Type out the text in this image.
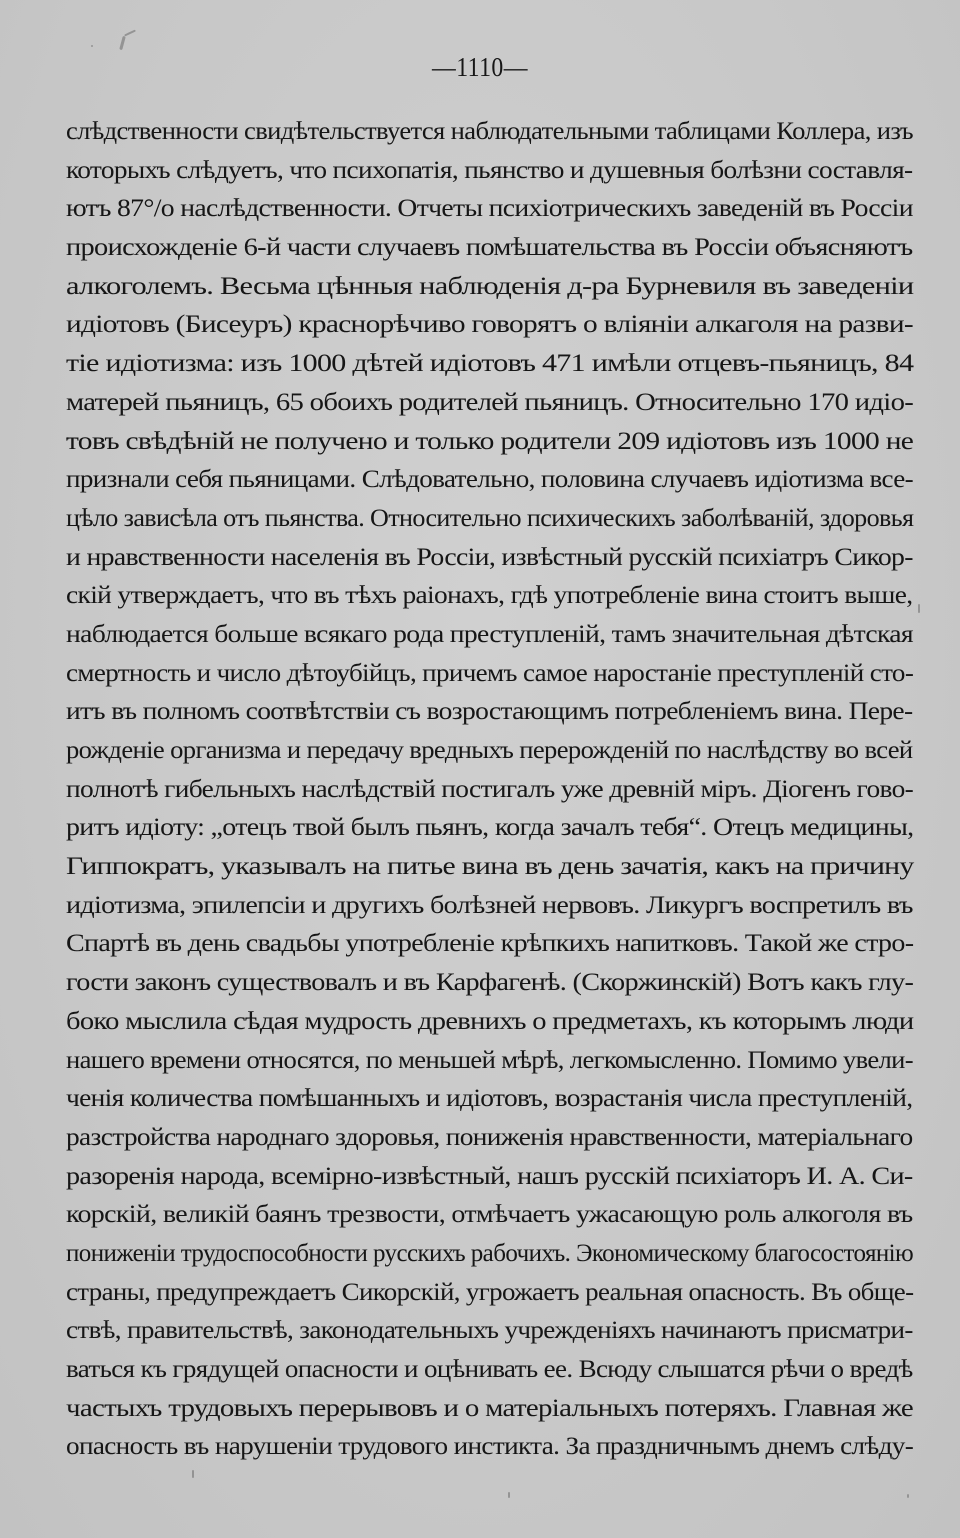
—1110—
слѣдственности свидѣтельствуется наблюдательными таблицами Коллера, изъ
которыхъ слѣдуетъ, что психопатія, пьянство и душевныя болѣзни составля-
ютъ 87°/o наслѣдственности. Отчеты психіотрическихъ заведеній въ Россіи
происхожденіе 6-й части случаевъ помѣшательства въ Россіи объясняютъ
алкоголемъ. Весьма цѣнныя наблюденія д-ра Бурневиля въ заведеніи
идіотовъ (Бисеуръ) краснорѣчиво говорятъ о вліяніи алкаголя на разви-
тіе идіотизма: изъ 1000 дѣтей идіотовъ 471 имѣли отцевъ-пьяницъ, 84
матерей пьяницъ, 65 обоихъ родителей пьяницъ. Относительно 170 идіо-
товъ свѣдѣній не получено и только родители 209 идіотовъ изъ 1000 не
признали себя пьяницами. Слѣдовательно, половина случаевъ идіотизма все-
цѣло зависѣла отъ пьянства. Относительно психическихъ заболѣваній, здоровья
и нравственности населенія въ Россіи, извѣстный русскій психіатръ Сикор-
скій утверждаетъ, что въ тѣхъ раіонахъ, гдѣ употребленіе вина стоитъ выше,
наблюдается больше всякаго рода преступленій, тамъ значительная дѣтская
смертность и число дѣтоубійцъ, причемъ самое наростаніе преступленій сто-
итъ въ полномъ соотвѣтствіи съ возростающимъ потребленіемъ вина. Пере-
рожденіе организма и передачу вредныхъ перерожденій по наслѣдству во всей
полнотѣ гибельныхъ наслѣдствій постигалъ уже древній міръ. Діогенъ гово-
ритъ идіоту: „отецъ твой былъ пьянъ, когда зачалъ тебя“. Отецъ медицины,
Гиппократъ, указывалъ на питье вина въ день зачатія, какъ на причину
идіотизма, эпилепсіи и другихъ болѣзней нервовъ. Ликургъ воспретилъ въ
Спартѣ въ день свадьбы употребленіе крѣпкихъ напитковъ. Такой же стро-
гости законъ существовалъ и въ Карфагенѣ. (Скоржинскій) Вотъ какъ глу-
боко мыслила сѣдая мудрость древнихъ о предметахъ, къ которымъ люди
нашего времени относятся, по меньшей мѣрѣ, легкомысленно. Помимо увели-
ченія количества помѣшанныхъ и идіотовъ, возрастанія числа преступленій,
разстройства народнаго здоровья, пониженія нравственности, матеріальнаго
разоренія народа, всемірно-извѣстный, нашъ русскій психіаторъ И. А. Си-
корскій, великій баянъ трезвости, отмѣчаетъ ужасающую роль алкоголя въ
пониженіи трудоспособности русскихъ рабочихъ. Экономическому благосостоянію
страны, предупреждаетъ Сикорскій, угрожаетъ реальная опасность. Въ обще-
ствѣ, правительствѣ, законодательныхъ учрежденіяхъ начинаютъ присматри-
ваться къ грядущей опасности и оцѣнивать ее. Всюду слышатся рѣчи о вредѣ
частыхъ трудовыхъ перерывовъ и о матеріальныхъ потеряхъ. Главная же
опасность въ нарушеніи трудового инстикта. За праздничнымъ днемъ слѣду-
